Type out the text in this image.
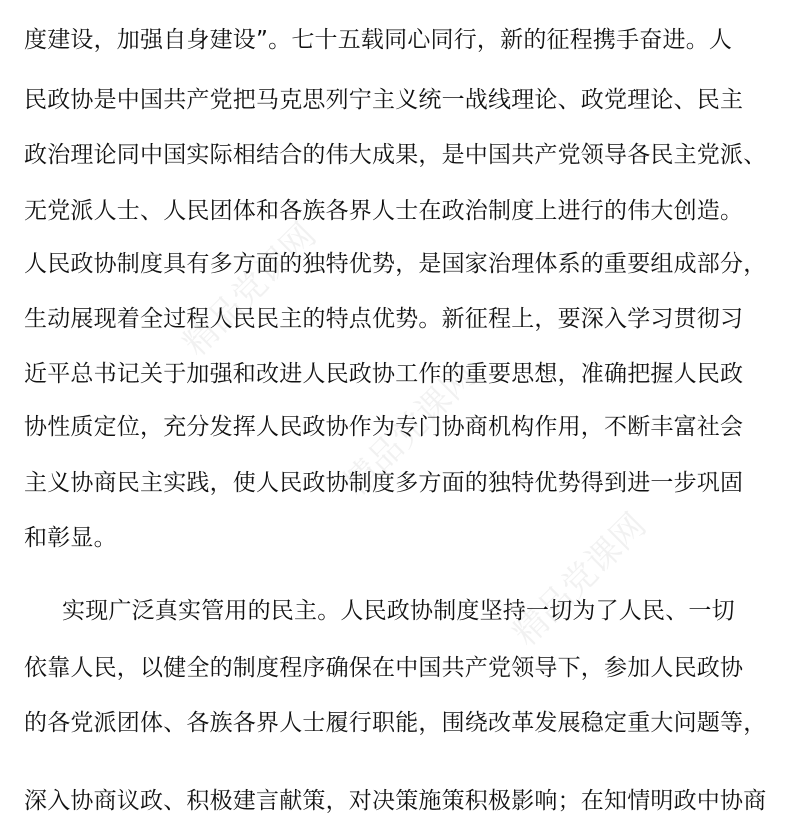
精品党课网
精品党课网
精品党课网
度建设，加强自身建设”。七十五载同心同行，新的征程携手奋进。人
民政协是中国共产党把马克思列宁主义统一战线理论、政党理论、民主
政治理论同中国实际相结合的伟大成果，是中国共产党领导各民主党派、
无党派人士、人民团体和各族各界人士在政治制度上进行的伟大创造。
人民政协制度具有多方面的独特优势，是国家治理体系的重要组成部分，
生动展现着全过程人民民主的特点优势。新征程上，要深入学习贯彻习
近平总书记关于加强和改进人民政协工作的重要思想，准确把握人民政
协性质定位，充分发挥人民政协作为专门协商机构作用，不断丰富社会
主义协商民主实践，使人民政协制度多方面的独特优势得到进一步巩固
和彰显。
实现广泛真实管用的民主。人民政协制度坚持一切为了人民、一切
依靠人民，以健全的制度程序确保在中国共产党领导下，参加人民政协
的各党派团体、各族各界人士履行职能，围绕改革发展稳定重大问题等，
深入协商议政、积极建言献策，对决策施策积极影响；在知情明政中协商
